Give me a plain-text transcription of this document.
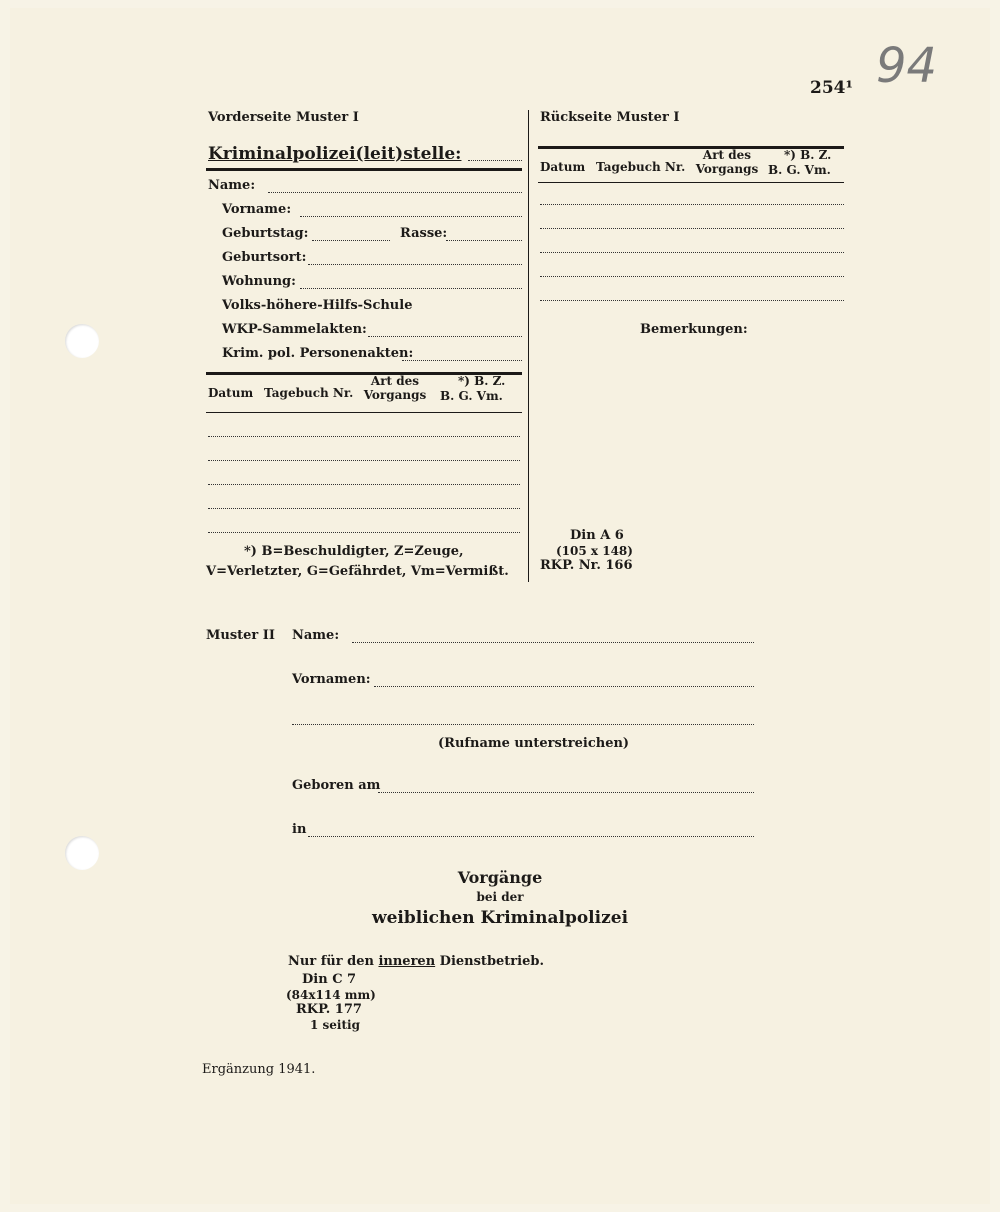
254¹ 94

Vorderseite Muster I
Kriminalpolizei(leit)stelle:
Name:
Vorname:
Geburtstag:	Rasse:
Geburtsort:
Wohnung:
Volks-höhere-Hilfs-Schule
WKP-Sammelakten:
Krim. pol. Personenakten:
Datum Tagebuch Nr.
Art des Vorgangs
*) B. Z.
B. G. Vm.
*) B=Beschuldigter, Z=Zeuge,
V=Verletzter, G=Gefährdet, Vm=Vermißt.
Rückseite Muster I
Datum Tagebuch Nr.
Art des Vorgangs
*) B. Z.
B. G. Vm.
Bemerkungen:
Din A 6
(105 x 148)
RKP. Nr. 166
Muster II Name:
Vornamen:
(Rufname unterstreichen)
Geboren am
in
Vorgänge
bei der
weiblichen Kriminalpolizei
Nur für den inneren Dienstbetrieb.
Din C 7
(84x114 mm)
RKP. 177
1 seitig
Ergänzung 1941.
